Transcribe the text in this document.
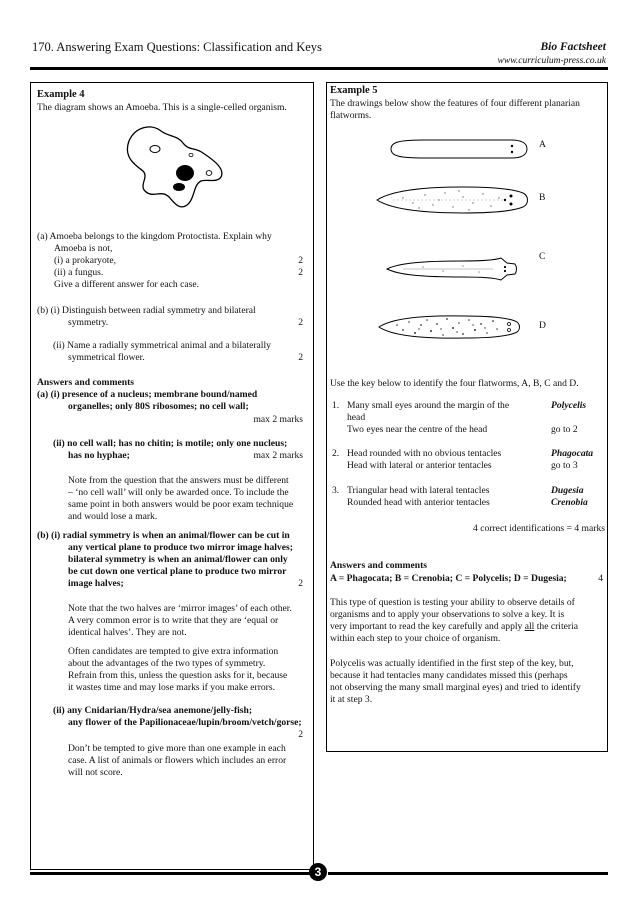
170. Answering Exam Questions: Classification and Keys	Bio Factsheet
www.curriculum-press.co.uk
Example 4
The diagram shows an Amoeba. This is a single-celled organism.
(a) Amoeba belongs to the kingdom Protoctista. Explain why
Amoeba is not,
(i) a prokaryote,	2
(ii) a fungus.	2
Give a different answer for each case.
(b) (i) Distinguish between radial symmetry and bilateral
symmetry.	2
(ii) Name a radially symmetrical animal and a bilaterally
symmetrical flower.	2
Answers and comments
(a) (i) presence of a nucleus; membrane bound/named
organelles; only 80S ribosomes; no cell wall;
max 2 marks
(ii) no cell wall; has no chitin; is motile; only one nucleus;
has no hyphae;	max 2 marks
Note from the question that the answers must be different
– ‘no cell wall’ will only be awarded once. To include the
same point in both answers would be poor exam technique
and would lose a mark.
(b) (i) radial symmetry is when an animal/flower can be cut in
any vertical plane to produce two mirror image halves;
bilateral symmetry is when an animal/flower can only
be cut down one vertical plane to produce two mirror
image halves;	2
Note that the two halves are ‘mirror images’ of each other.
A very common error is to write that they are ‘equal or
identical halves’. They are not.
Often candidates are tempted to give extra information
about the advantages of the two types of symmetry.
Refrain from this, unless the question asks for it, because
it wastes time and may lose marks if you make errors.
(ii) any Cnidarian/Hydra/sea anemone/jelly-fish;
any flower of the Papilionaceae/lupin/broom/vetch/gorse;
2
Don’t be tempted to give more than one example in each
case. A list of animals or flowers which includes an error
will not score.
Example 5
The drawings below show the features of four different planarian
flatworms.
A
B
C
D
Use the key below to identify the four flatworms, A, B, C and D.
1. Many small eyes around the margin of the
head
Polycelis
Two eyes near the centre of the head	go to 2
2. Head rounded with no obvious tentacles	Phagocata
Head with lateral or anterior tentacles	go to 3
3. Triangular head with lateral tentacles	Dugesia
Rounded head with anterior tentacles	Crenobia
4 correct identifications = 4 marks
Answers and comments
A = Phagocata; B = Crenobia; C = Polycelis; D = Dugesia;	4
This type of question is testing your ability to observe details of
organisms and to apply your observations to solve a key. It is
very important to read the key carefully and apply all the criteria
within each step to your choice of organism.
Polycelis was actually identified in the first step of the key, but,
because it had tentacles many candidates missed this (perhaps
not observing the many small marginal eyes) and tried to identify
it at step 3.
3
